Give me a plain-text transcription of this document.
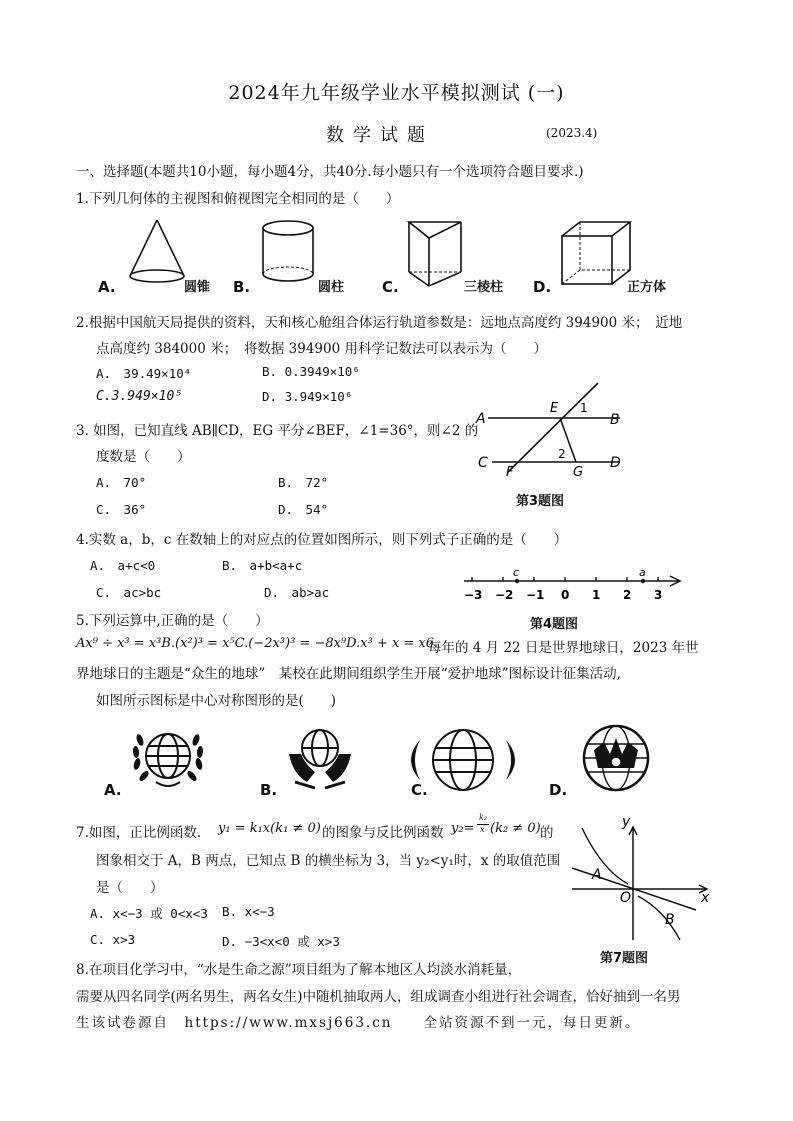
2024年九年级学业水平模拟测试 (一)
数学试题	(2023.4)
一、选择题(本题共10小题，每小题4分，共40分.每小题只有一个选项符合题目要求.)
1.下列几何体的主视图和俯视图完全相同的是（　　）
A.	圆锥 B.	圆柱	C.	三棱柱 D.	正方体
2.根据中国航天局提供的资料，天和核心舱组合体运行轨道参数是：远地点高度约 394900 米；　近地
点高度约 384000 米；　将数据 394900 用科学记数法可以表示为（　　）
A.　39.49×10⁴	B. 0.3949×10⁶
C.3.949×10⁵	D. 3.949×10⁶
3. 如图，已知直线 AB∥CD，EG 平分∠BEF，∠1=36°，则∠2 的
度数是（　　）
A.　70°	B.　72°
C.　36°	D.　54°
A	B
C	D
E
F	G
1
2
第3题图
4.实数 a，b，c 在数轴上的对应点的位置如图所示，则下列式子正确的是（　　）
A.　a+c<0	B.　a+b<a+c
C.　ac>bc	D.　ab>ac
c	a
−3 −2 −1 0 1 2 3
第4题图
5.下列运算中,正确的是（　　）
Ax⁹ ÷ x³ = x³B.(x²)³ = x⁵C.(−2x³)³ = −8x⁹D.x³ + x = x6.
每年的 4 月 22 日是世界地球日，2023 年世
界地球日的主题是“众生的地球”　某校在此期间组织学生开展“爱护地球”图标设计征集活动,
如图所示图标是中心对称图形的是(　　)
A.	B.	C.	D.
7.如图，正比例函数. y₁ = k₁x(k₁ ≠ 0) 的图象与反比例函数 y₂=
k₂
x (k₂ ≠ 0) 的
图象相交于 A，B 两点，已知点 B 的横坐标为 3，当 y₂<y₁时，x 的取值范围
是（　　）
A. x<−3 或 0<x<3 B. x<−3
C. x>3	D. −3<x<0 或 x>3
y
x
O
A
B
第7题图
8.在项目化学习中，“水是生命之源”项目组为了解本地区人均淡水消耗量，
需要从四名同学(两名男生，两名女生)中随机抽取两人，组成调查小组进行社会调查，恰好抽到一名男
生该试卷源自　https://www.mxsj663.cn　　全站资源不到一元，每日更新。
